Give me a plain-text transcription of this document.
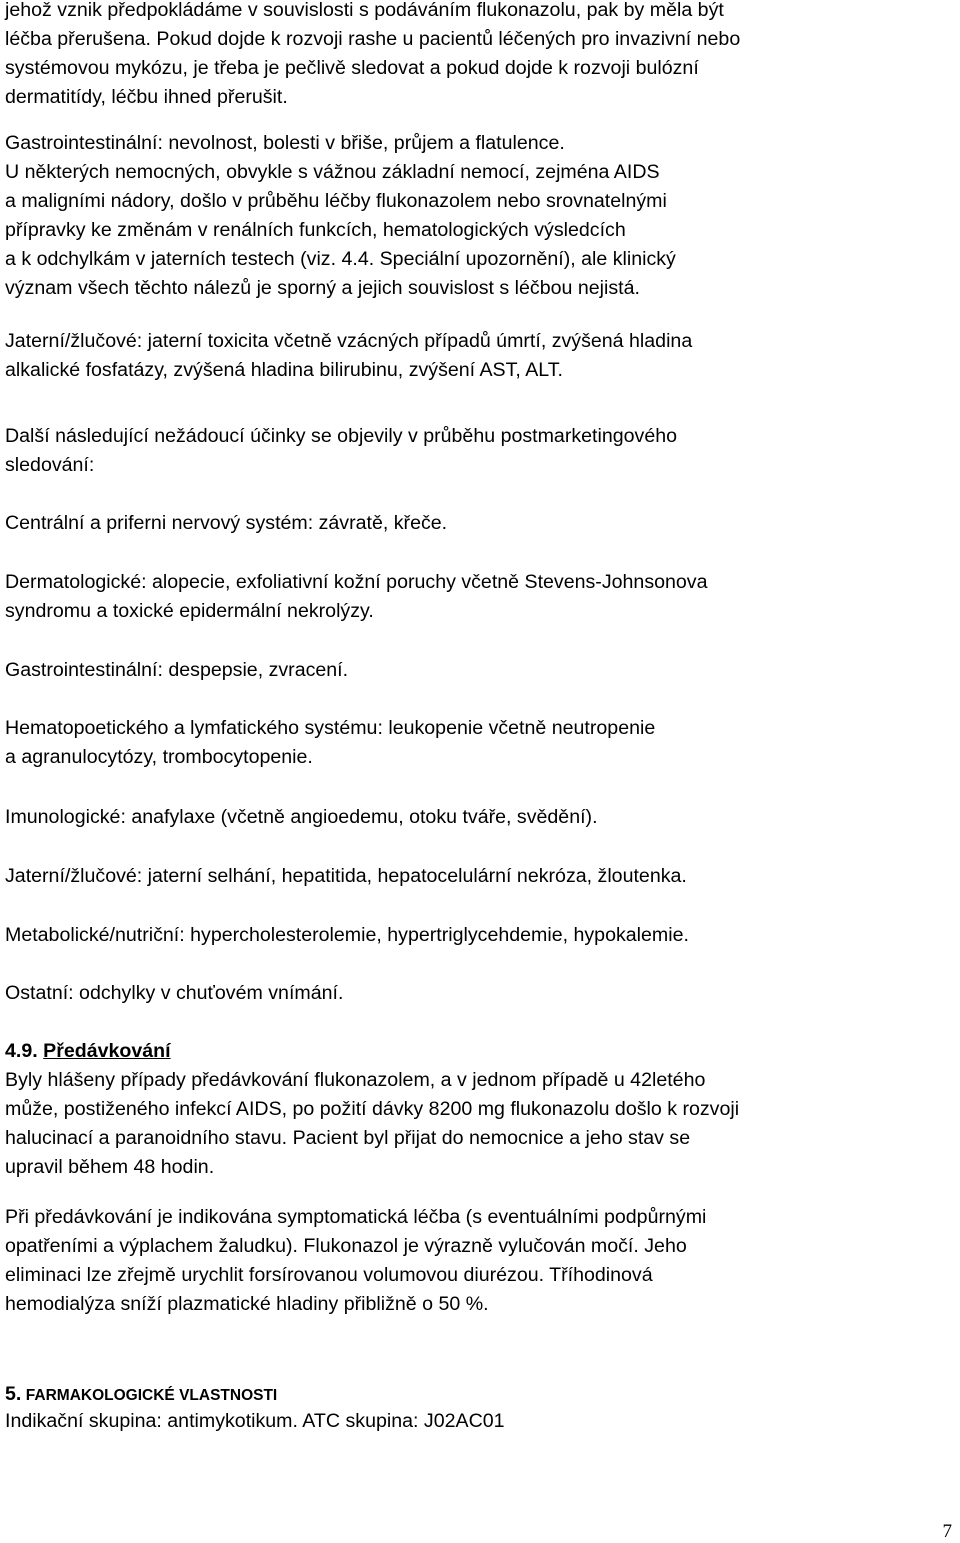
jehož vznik předpokládáme v souvislosti s podáváním flukonazolu, pak by měla být
léčba přerušena. Pokud dojde k rozvoji rashe u pacientů léčených pro invazivní nebo
systémovou mykózu, je třeba je pečlivě sledovat a pokud dojde k rozvoji bulózní
dermatitídy, léčbu ihned přerušit.

Gastrointestinální: nevolnost, bolesti v břiše, průjem a flatulence.
U některých nemocných, obvykle s vážnou základní nemocí, zejména AIDS
a maligními nádory, došlo v průběhu léčby flukonazolem nebo srovnatelnými
přípravky ke změnám v renálních funkcích, hematologických výsledcích
a k odchylkám v jaterních testech (viz. 4.4. Speciální upozornění), ale klinický
význam všech těchto nálezů je sporný a jejich souvislost s léčbou nejistá.

Jaterní/žlučové: jaterní toxicita včetně vzácných případů úmrtí, zvýšená hladina
alkalické fosfatázy, zvýšená hladina bilirubinu, zvýšení AST, ALT.

Další následující nežádoucí účinky se objevily v průběhu postmarketingového
sledování:

Centrální a priferni nervový systém: závratě, křeče.

Dermatologické: alopecie, exfoliativní kožní poruchy včetně Stevens-Johnsonova
syndromu a toxické epidermální nekrolýzy.

Gastrointestinální: despepsie, zvracení.

Hematopoetického a lymfatického systému: leukopenie včetně neutropenie
a agranulocytózy, trombocytopenie.

Imunologické: anafylaxe (včetně angioedemu, otoku tváře, svědění).

Jaterní/žlučové: jaterní selhání, hepatitida, hepatocelulární nekróza, žloutenka.

Metabolické/nutriční: hypercholesterolemie, hypertriglycehdemie, hypokalemie.

Ostatní: odchylky v chuťovém vnímání.

4.9. Předávkování

Byly hlášeny případy předávkování flukonazolem, a v jednom případě u 42letého
může, postiženého infekcí AIDS, po požití dávky 8200 mg flukonazolu došlo k rozvoji
halucinací a paranoidního stavu. Pacient byl přijat do nemocnice a jeho stav se
upravil během 48 hodin.

Při předávkování je indikována symptomatická léčba (s eventuálními podpůrnými
opatřeními a výplachem žaludku). Flukonazol je výrazně vylučován močí. Jeho
eliminaci lze zřejmě urychlit forsírovanou volumovou diurézou. Tříhodinová
hemodialýza sníží plazmatické hladiny přibližně o 50 %.

5. FARMAKOLOGICKÉ VLASTNOSTI

Indikační skupina: antimykotikum. ATC skupina: J02AC01

7
